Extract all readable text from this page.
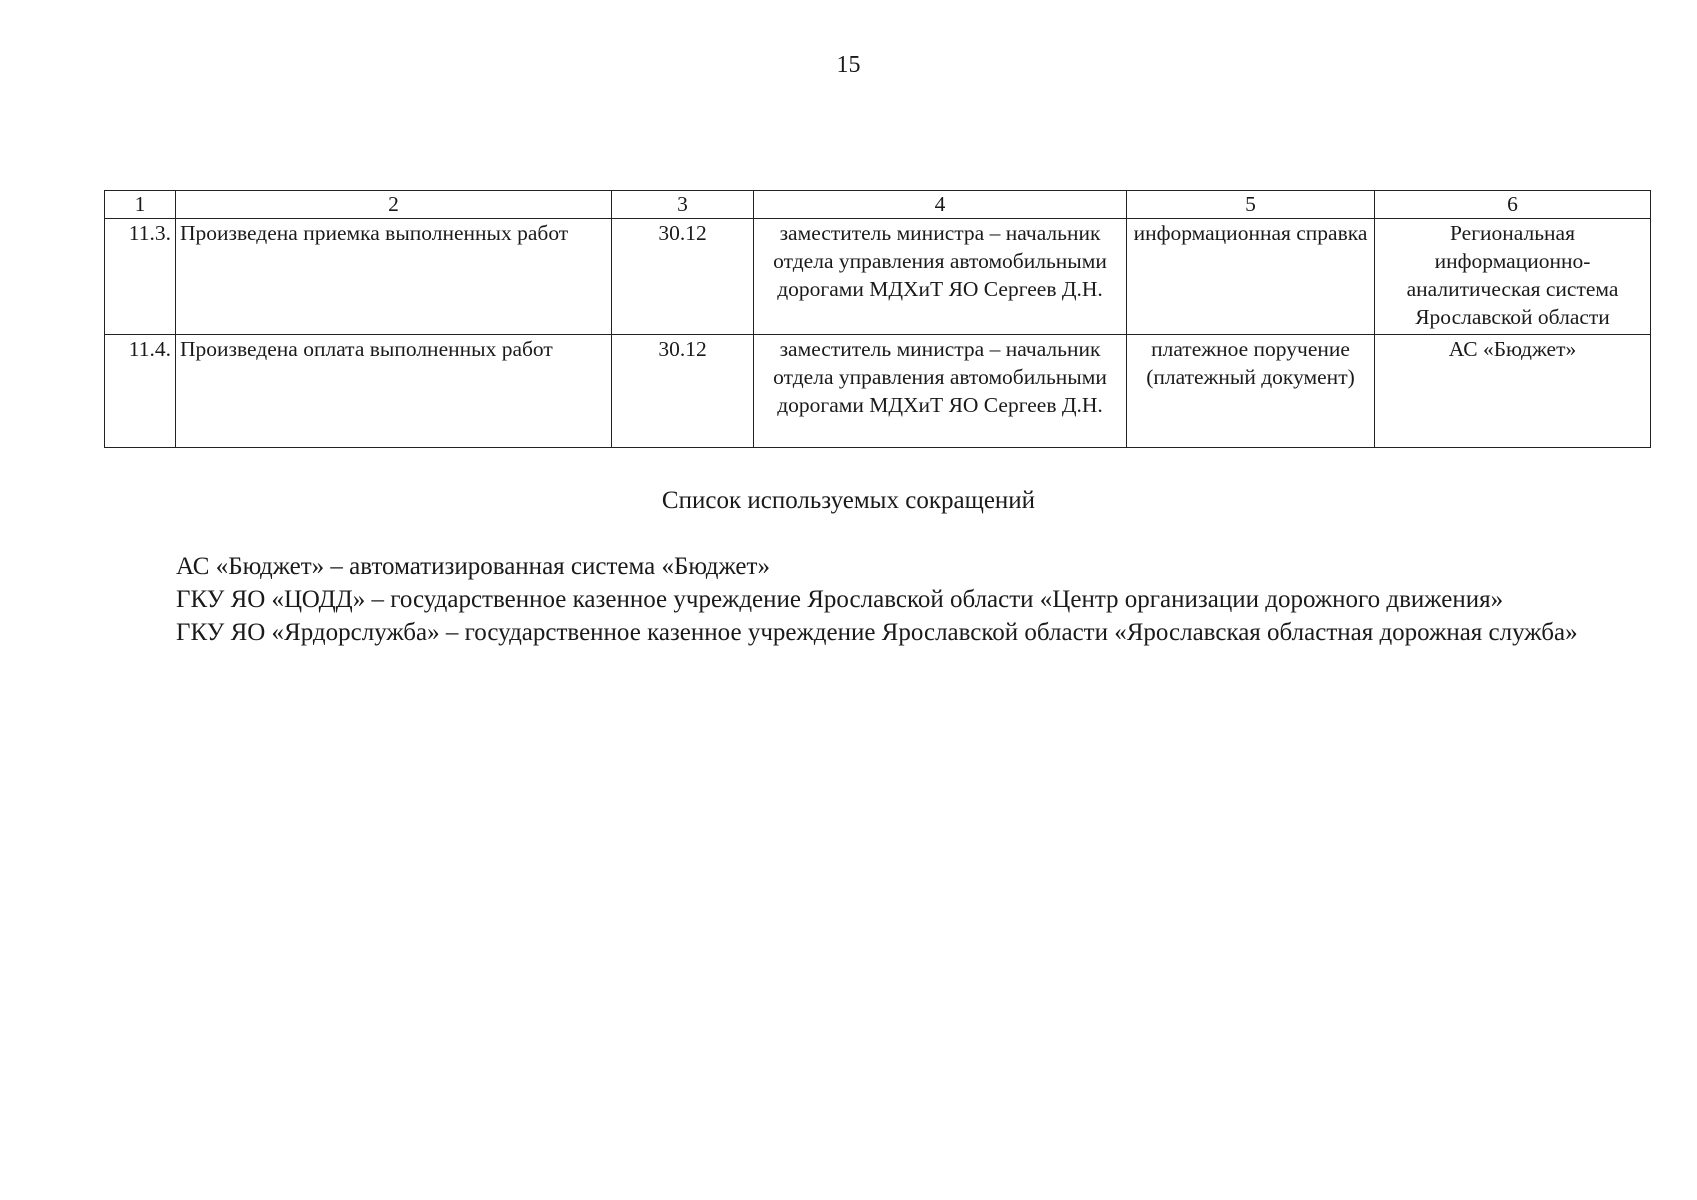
15
1	2	3	4	5	6
11.3.	Произведена приемка выполненных работ	30.12	заместитель министра – начальник отдела управления автомобильными дорогами МДХиТ ЯО Сергеев Д.Н.	информационная справка	Региональная информационно-аналитическая система Ярославской области
11.4.	Произведена оплата выполненных работ	30.12	заместитель министра – начальник отдела управления автомобильными дорогами МДХиТ ЯО Сергеев Д.Н.	платежное поручение (платежный документ)	АС «Бюджет»
Список используемых сокращений

АС «Бюджет» – автоматизированная система «Бюджет»

ГКУ ЯО «ЦОДД» – государственное казенное учреждение Ярославской области «Центр организации дорожного движения»

ГКУ ЯО «Ярдорслужба» – государственное казенное учреждение Ярославской области «Ярославская областная дорожная служба»
